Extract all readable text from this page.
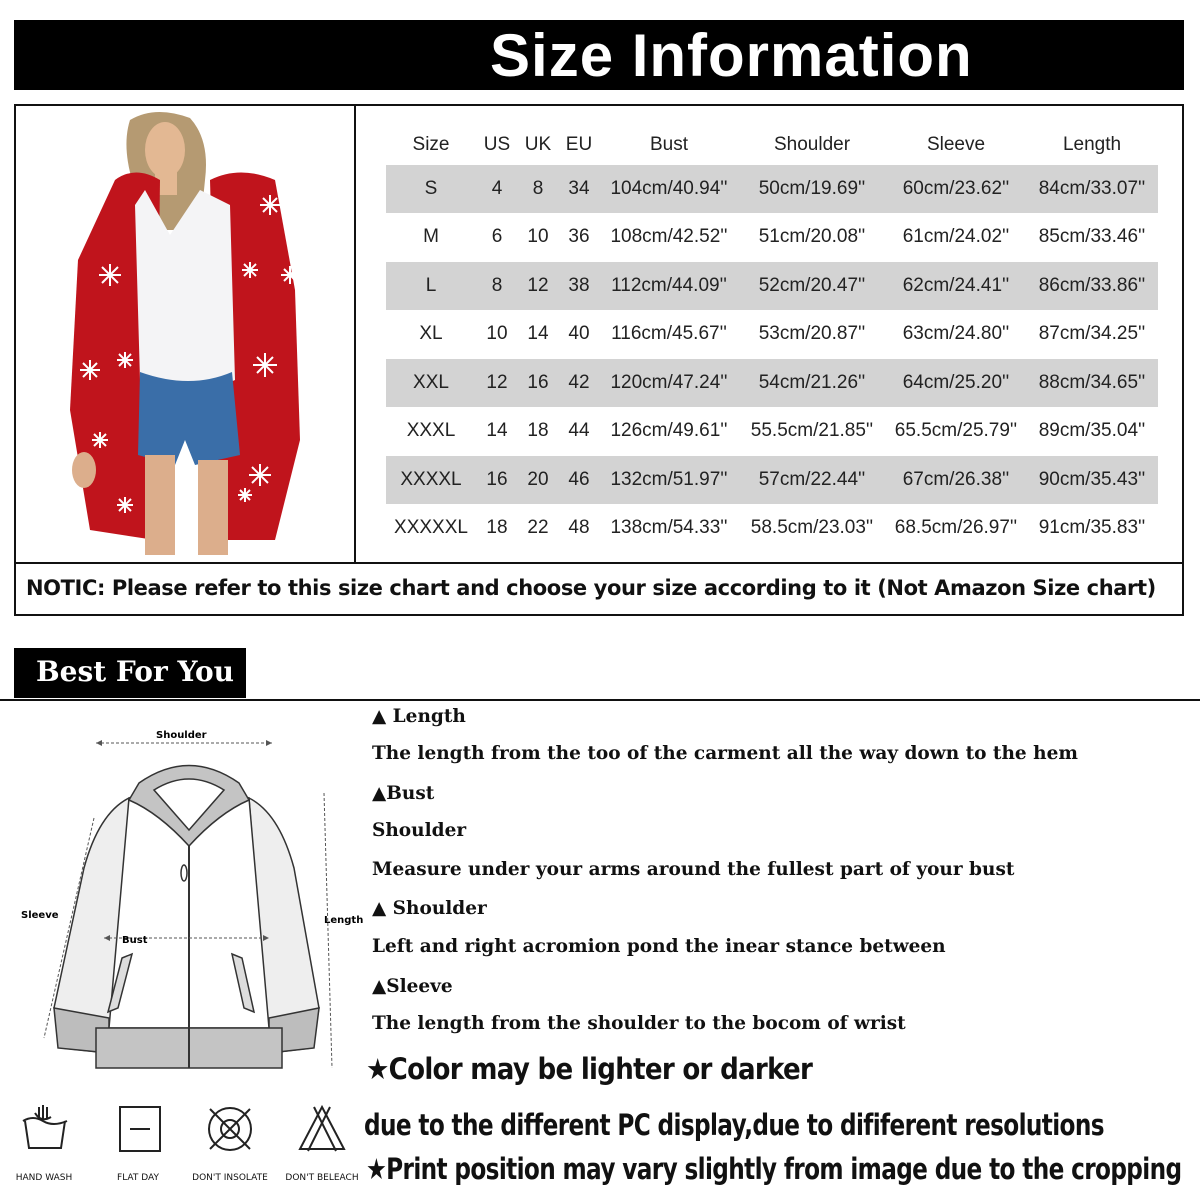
Size Information
Size	US	UK	EU	Bust	Shoulder	Sleeve	Length
S	4	8	34	104cm/40.94''	50cm/19.69''	60cm/23.62''	84cm/33.07''
M	6	10	36	108cm/42.52''	51cm/20.08''	61cm/24.02''	85cm/33.46''
L	8	12	38	112cm/44.09''	52cm/20.47''	62cm/24.41''	86cm/33.86''
XL	10	14	40	116cm/45.67''	53cm/20.87''	63cm/24.80''	87cm/34.25''
XXL	12	16	42	120cm/47.24''	54cm/21.26''	64cm/25.20''	88cm/34.65''
XXXL	14	18	44	126cm/49.61''	55.5cm/21.85''	65.5cm/25.79''	89cm/35.04''
XXXXL	16	20	46	132cm/51.97''	57cm/22.44''	67cm/26.38''	90cm/35.43''
XXXXXL	18	22	48	138cm/54.33''	58.5cm/23.03''	68.5cm/26.97''	91cm/35.83''
NOTIC: Please refer to this size chart and choose your size according to it (Not Amazon Size chart)
Best For You
Shoulder
Bust
Sleeve	Length
▲ Length
The length from the too of the carment all the way down to the hem
▲Bust
Shoulder
Measure under your arms around the fullest part of your bust
▲ Shoulder
Left and right acromion pond the inear stance between
▲Sleeve
The length from the shoulder to the bocom of wrist
★Color may be lighter or darker
due to the different PC display,due to dififerent resolutions
★Print position may vary slightly from image due to the cropping
HAND WASH	FLAT DAY	DON'T INSOLATE	DON'T BELEACH
